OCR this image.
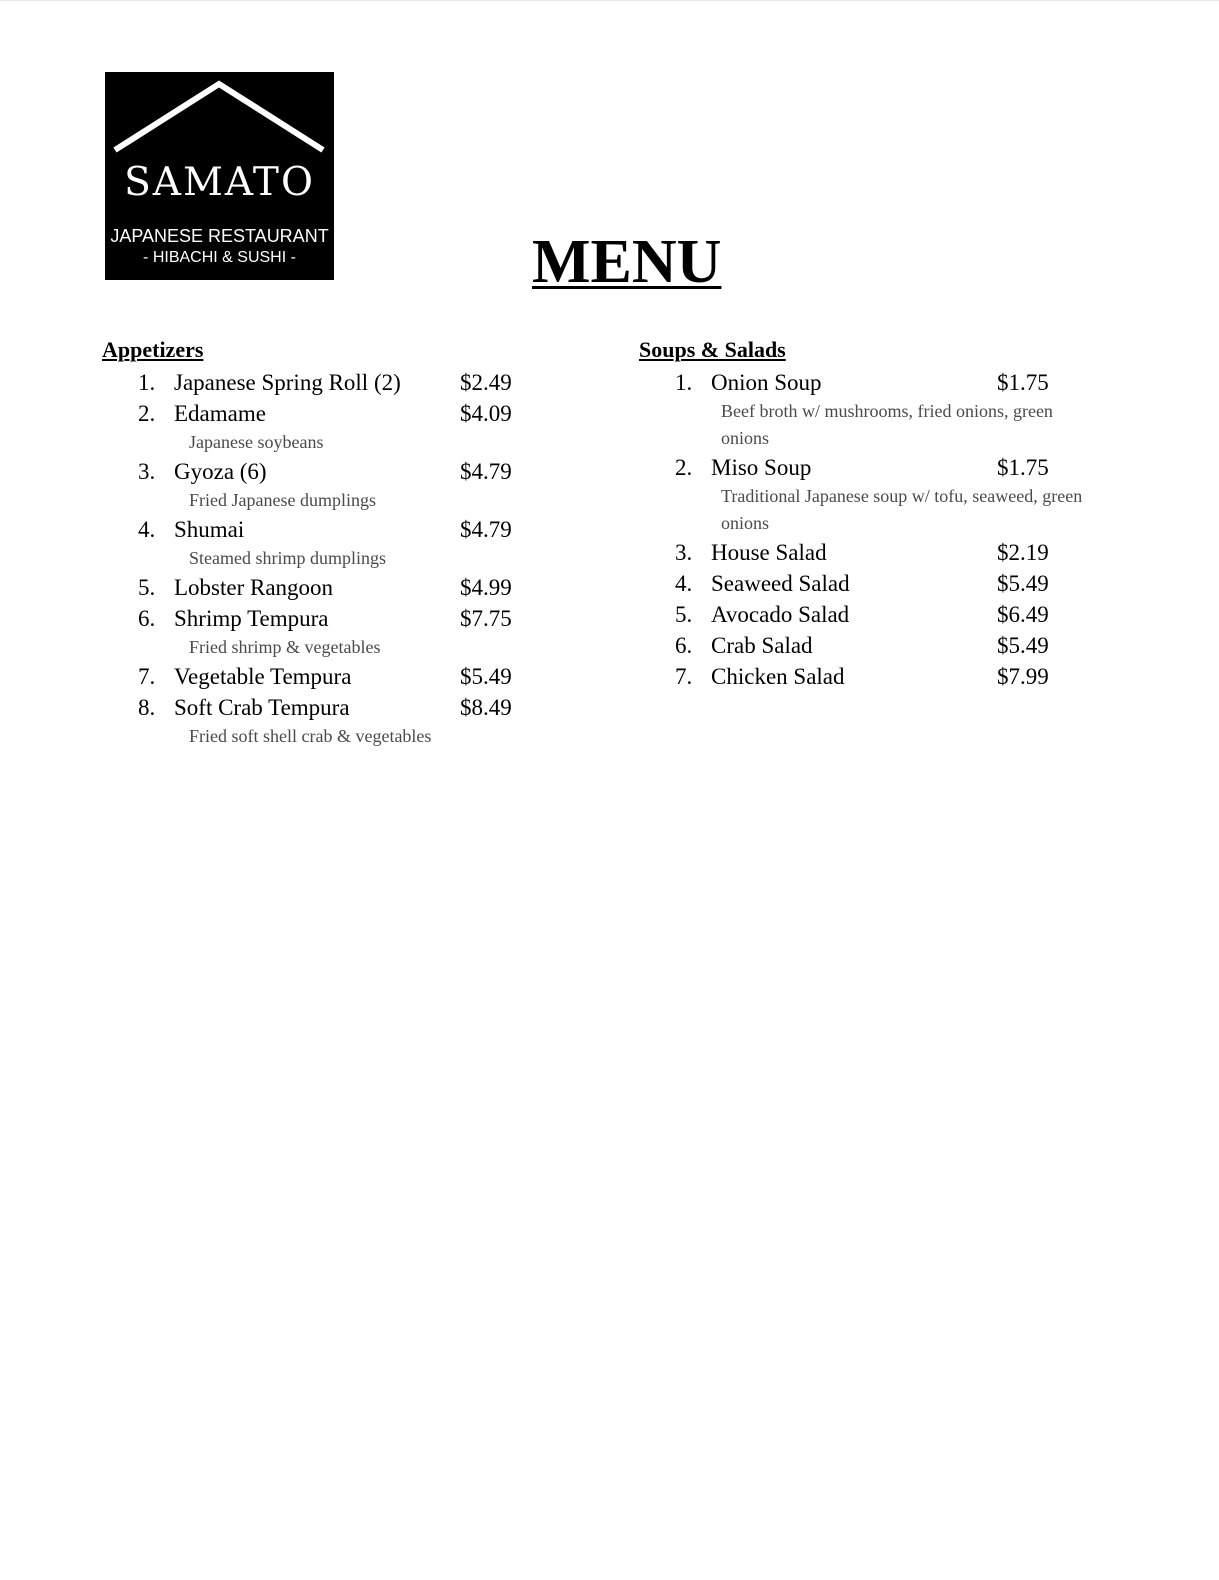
SAMATO
JAPANESE RESTAURANT
- HIBACHI & SUSHI -	MENU
Appetizers
1. Japanese Spring Roll (2)	$2.49
2. Edamame	$4.09
Japanese soybeans
3. Gyoza (6)	$4.79
Fried Japanese dumplings
4. Shumai	$4.79
Steamed shrimp dumplings
5. Lobster Rangoon	$4.99
6. Shrimp Tempura	$7.75
Fried shrimp & vegetables
7. Vegetable Tempura	$5.49
8. Soft Crab Tempura	$8.49
Fried soft shell crab & vegetables
Soups & Salads
1. Onion Soup	$1.75
Beef broth w/ mushrooms, fried onions, green onions
2. Miso Soup	$1.75
Traditional Japanese soup w/ tofu, seaweed, green onions
3. House Salad	$2.19
4. Seaweed Salad	$5.49
5. Avocado Salad	$6.49
6. Crab Salad	$5.49
7. Chicken Salad	$7.99
